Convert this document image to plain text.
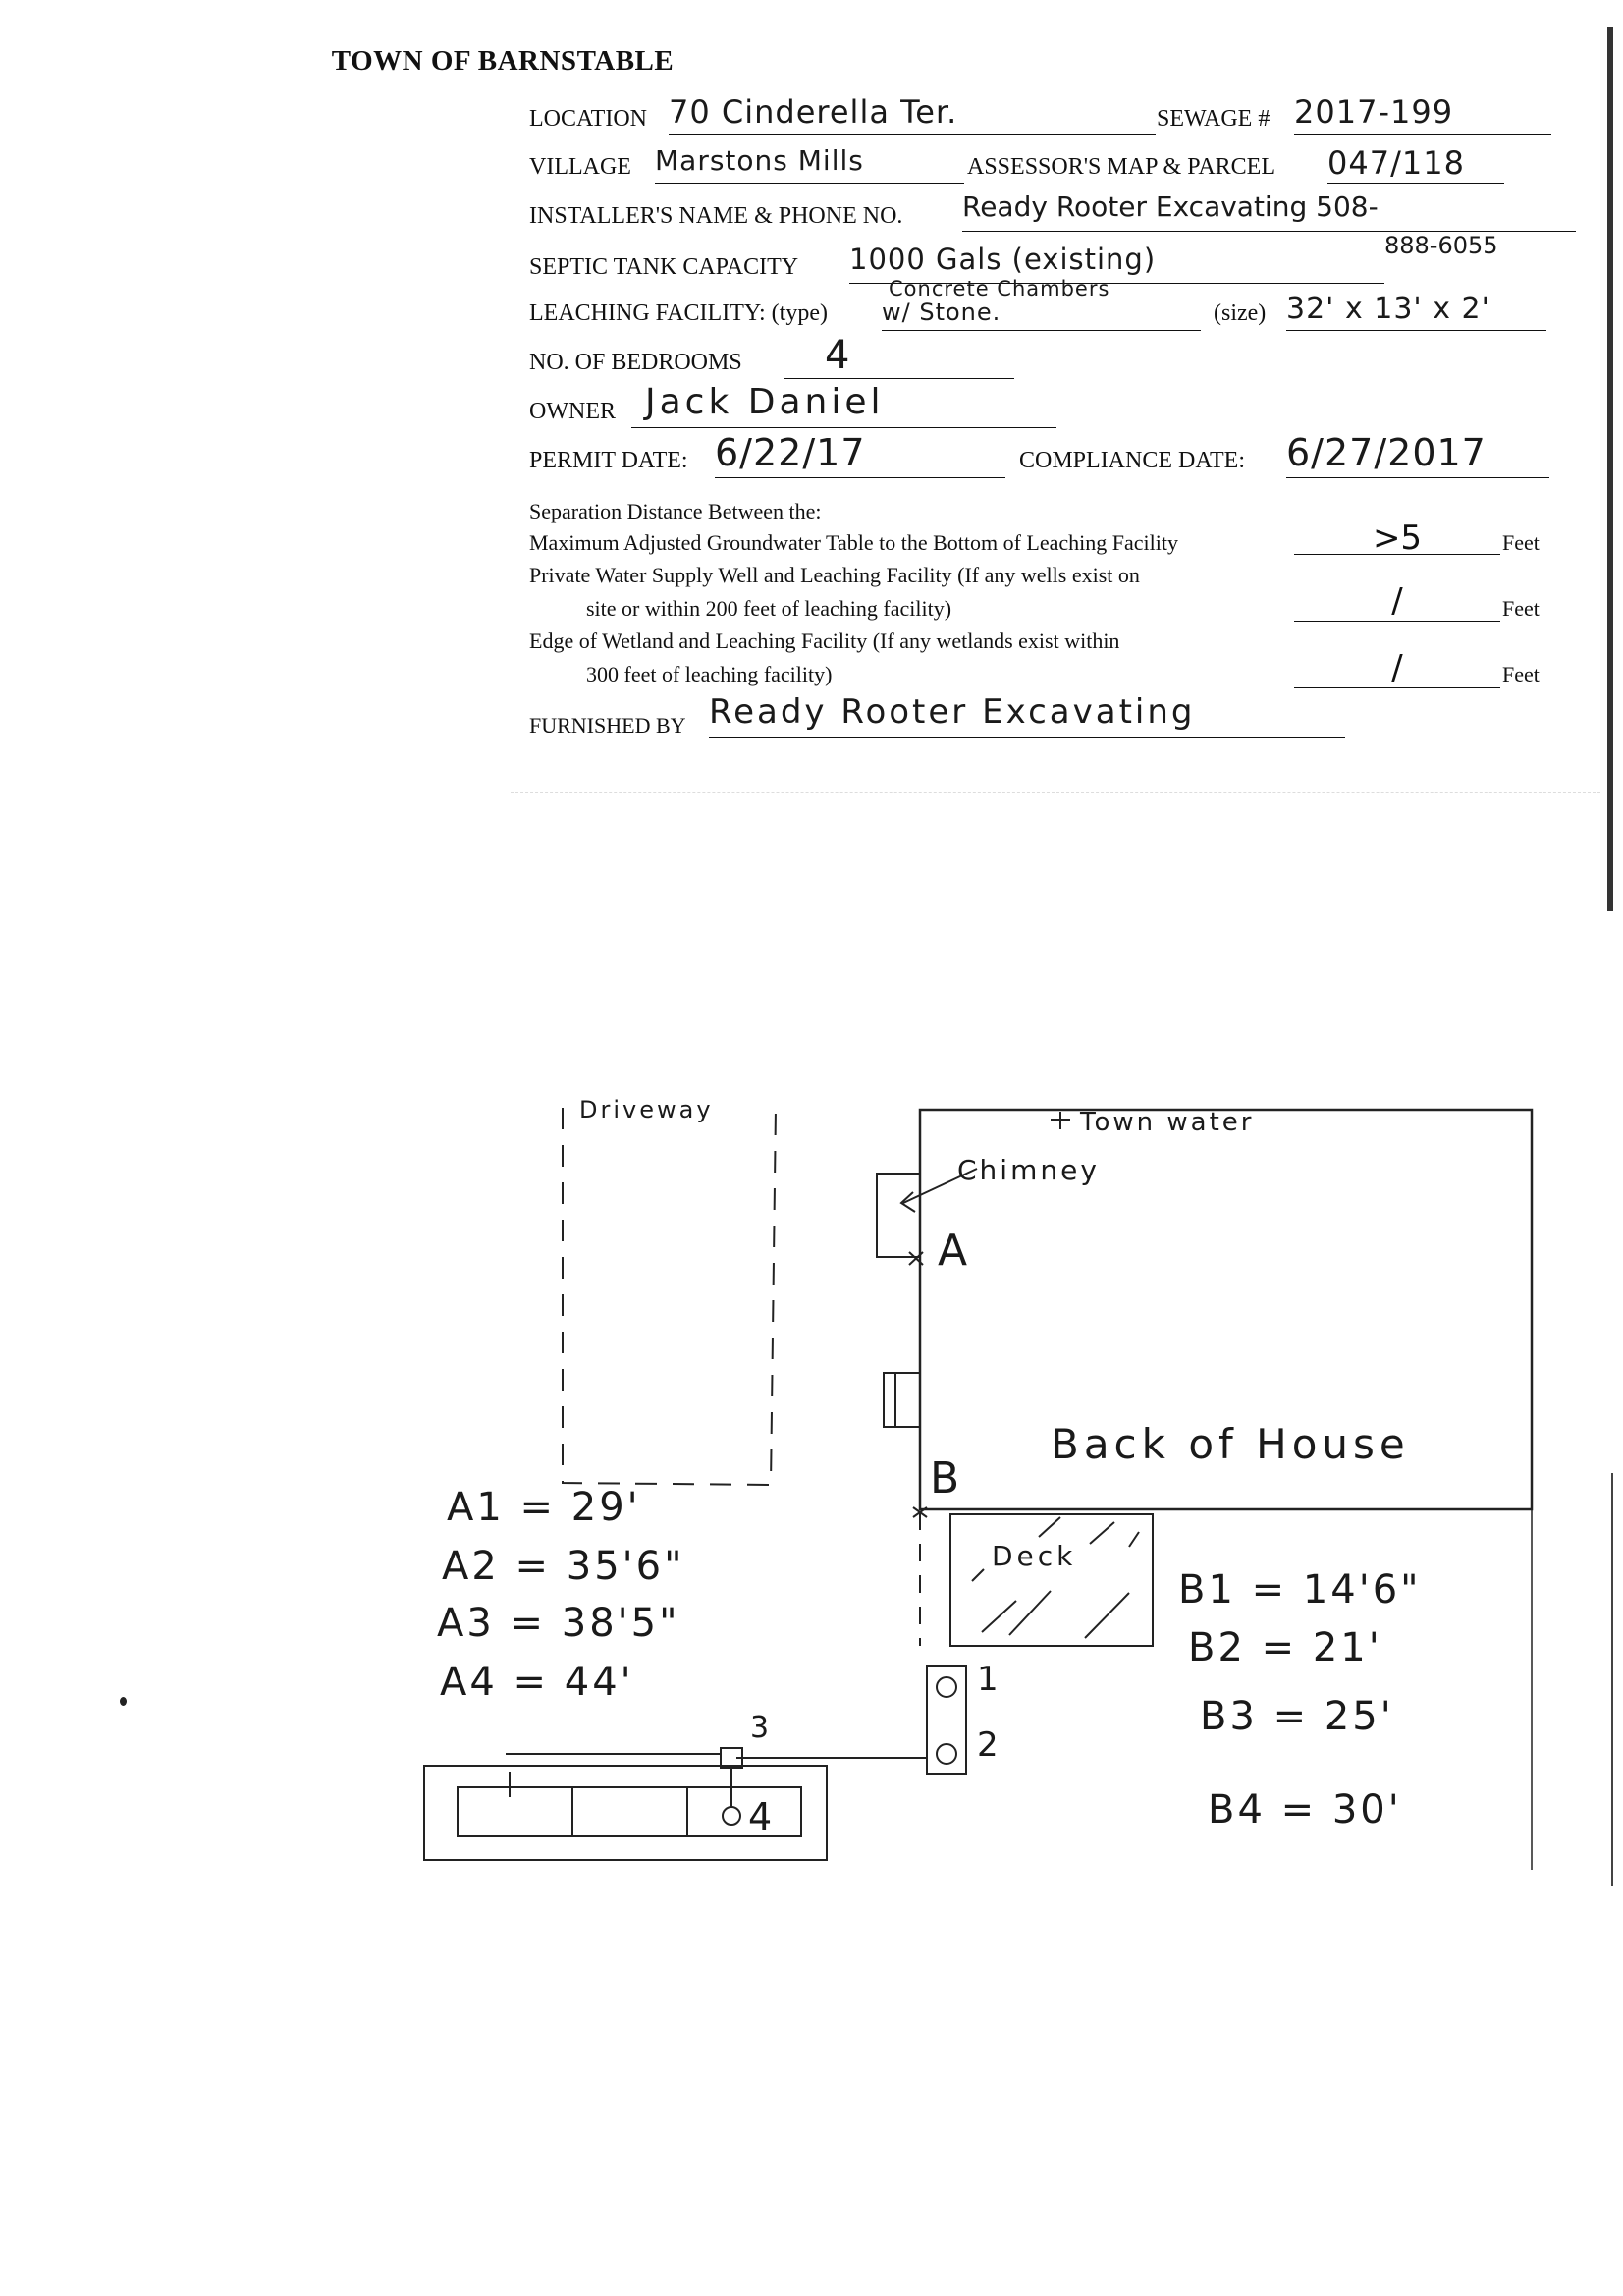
TOWN OF BARNSTABLE
LOCATION 70 Cinderella Ter.	SEWAGE # 2017-199
VILLAGE Marstons Mills	ASSESSOR'S MAP & PARCEL 047/118
INSTALLER'S NAME & PHONE NO. Ready Rooter Excavating 508-
888-6055
SEPTIC TANK CAPACITY 1000 Gals (existing)
LEACHING FACILITY: (type)
Concrete Chambers
w/ Stone.	(size) 32' x 13' x 2'
NO. OF BEDROOMS	4
OWNER Jack Daniel
PERMIT DATE: 6/22/17	COMPLIANCE DATE: 6/27/2017
Separation Distance Between the:
Maximum Adjusted Groundwater Table to the Bottom of Leaching Facility	>5	Feet
Private Water Supply Well and Leaching Facility (If any wells exist on
site or within 200 feet of leaching facility)	/	Feet
Edge of Wetland and Leaching Facility (If any wetlands exist within
300 feet of leaching facility)	/	Feet
FURNISHED BY Ready Rooter Excavating
Driveway	Town water
Chimney
A
B
Back of House
Deck
1
2
3
4
A1 = 29'
A2 = 35'6"
A3 = 38'5"
A4 = 44'
B1 = 14'6"
B2 = 21'
B3 = 25'
B4 = 30'
